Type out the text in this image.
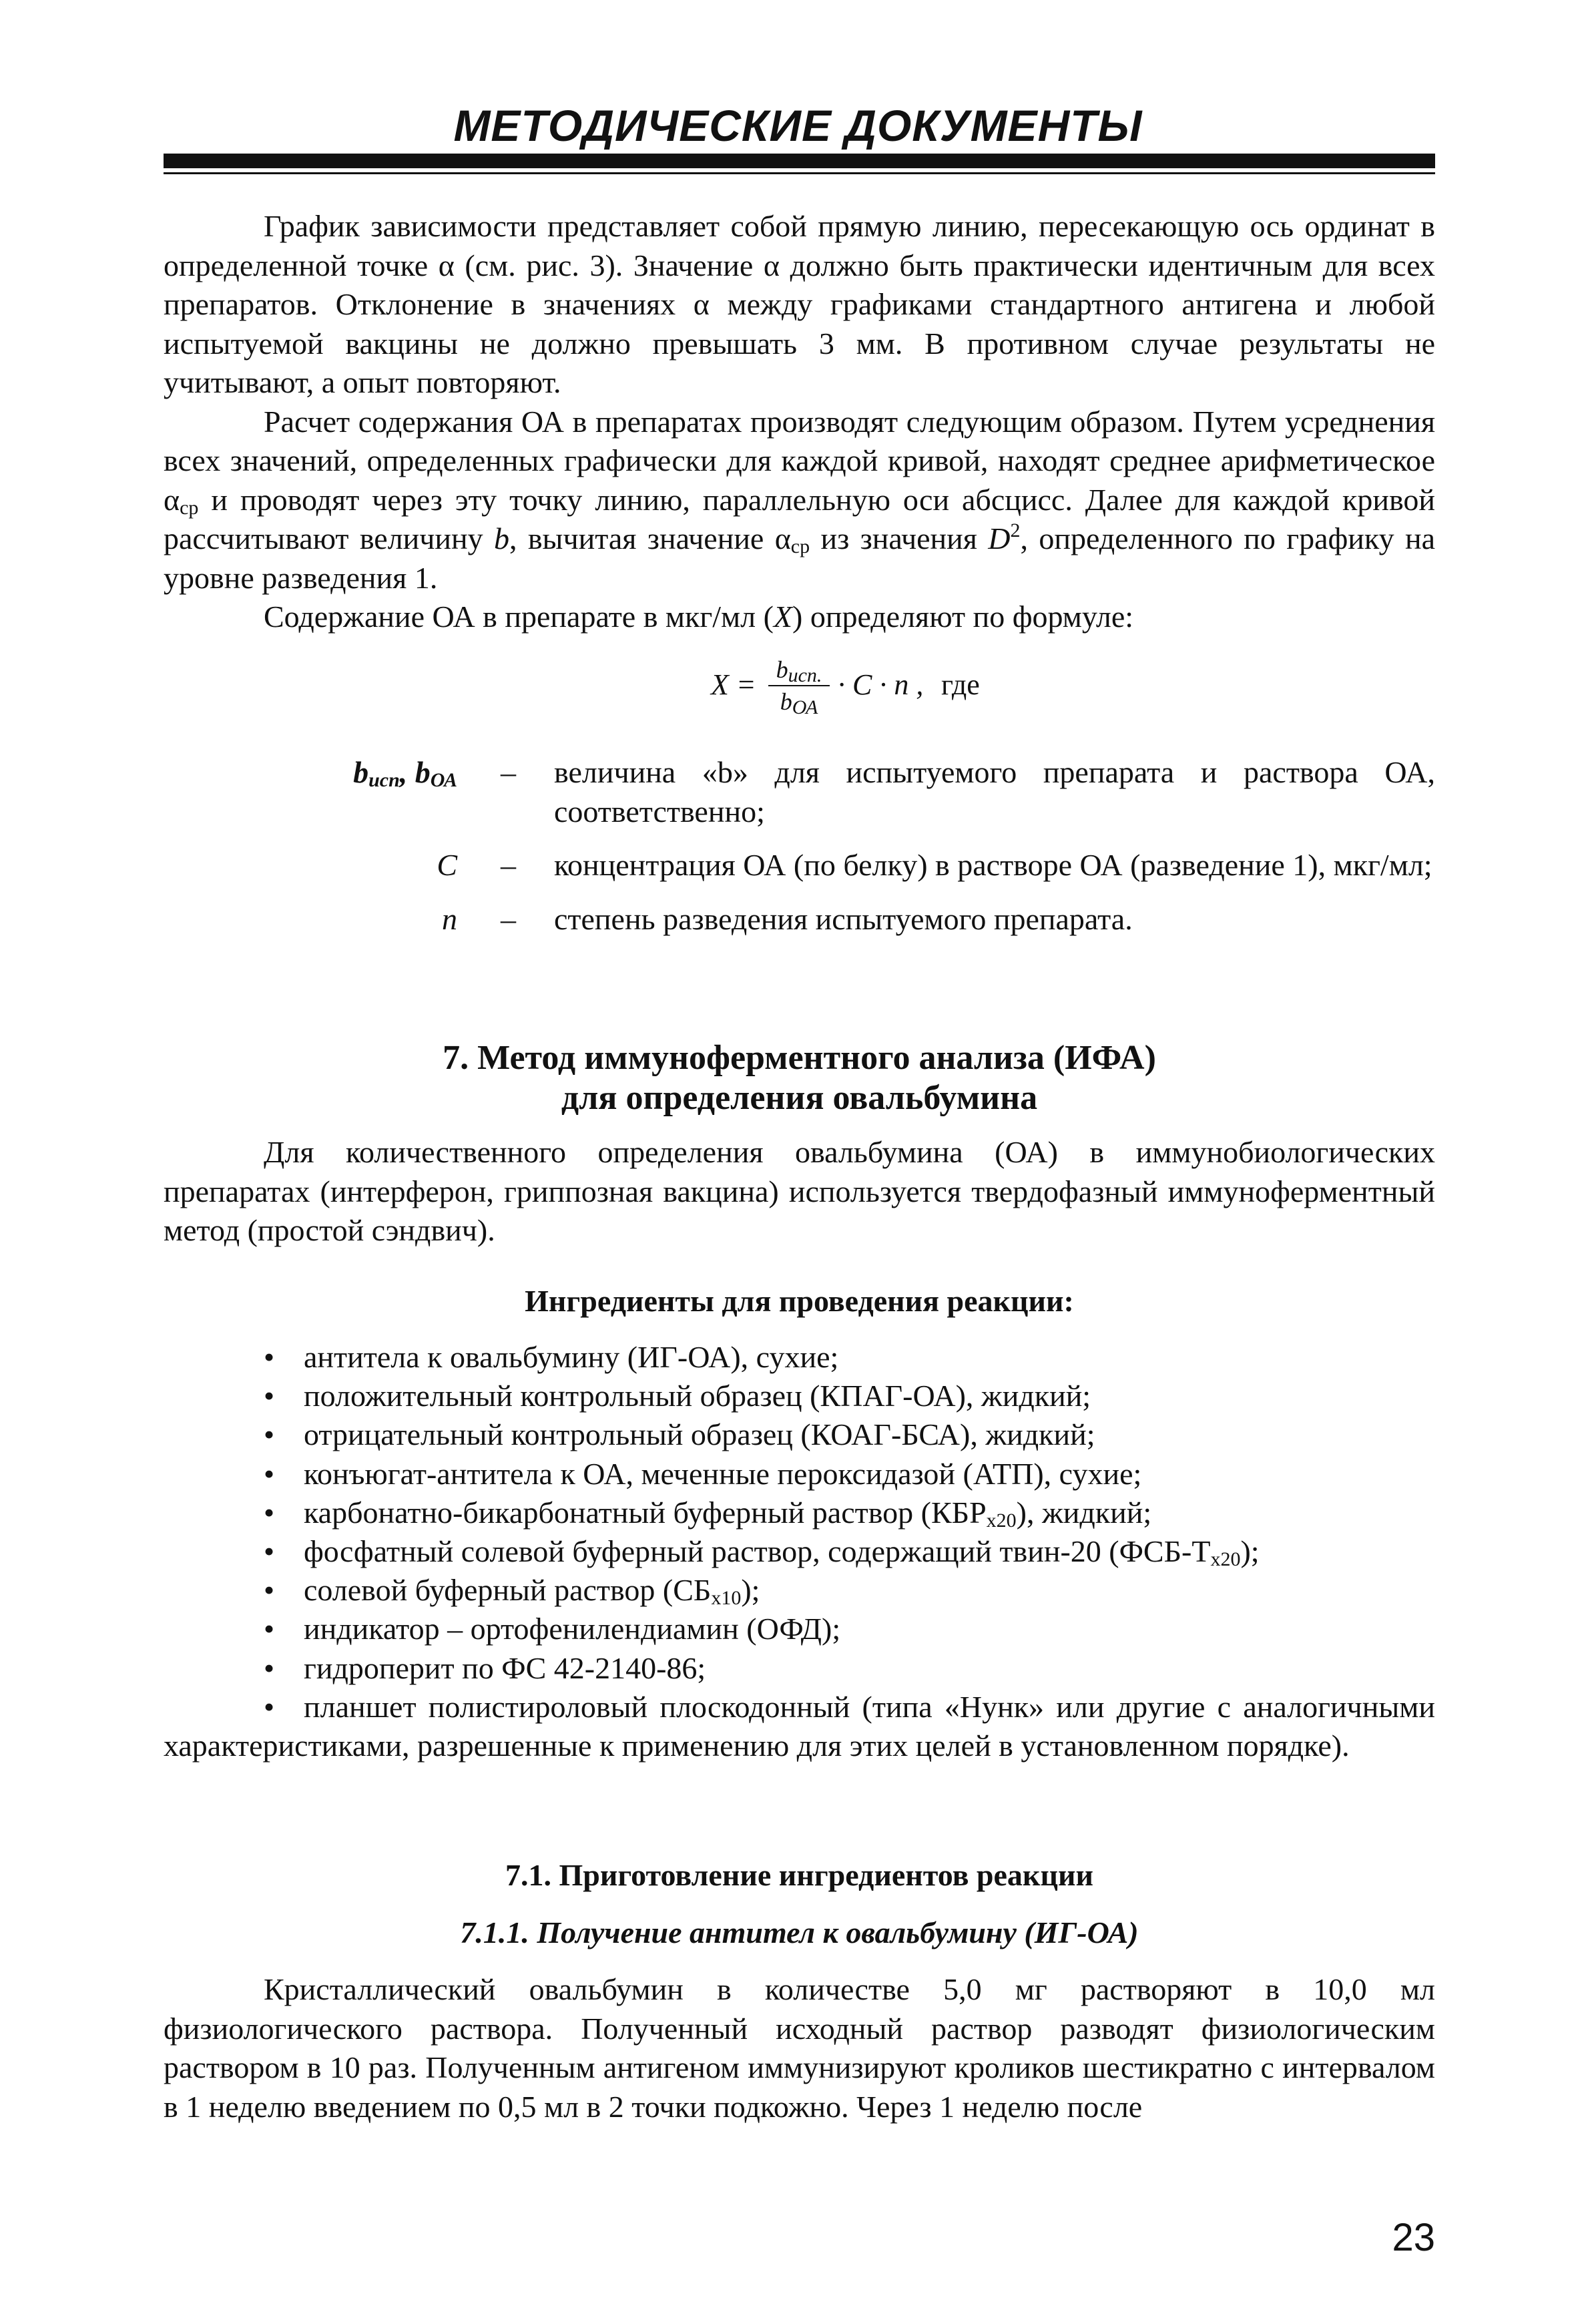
МЕТОДИЧЕСКИЕ ДОКУМЕНТЫ

График зависимости представляет собой прямую линию, пересекающую ось ординат в определенной точке α (см. рис. 3). Значение α должно быть практически идентичным для всех препаратов. Отклонение в значениях α между графиками стандартного антигена и любой испытуемой вакцины не должно превышать 3 мм. В противном случае результаты не учитывают, а опыт повторяют.

Расчет содержания ОА в препаратах производят следующим образом. Путем усреднения всех значений, определенных графически для каждой кривой, находят среднее арифметическое $\alpha_{ср}$ и проводят через эту точку линию, параллельную оси абсцисс. Далее для каждой кривой рассчитывают величину b, вычитая значение $\alpha_{ср}$ из значения $D^2$, определенного по графику на уровне разведения 1.

Содержание ОА в препарате в мкг/мл (X) определяют по формуле:

$X = b_{исп.}$
$b_{ОА}$
· C · n , где
$b_{исп}$, $b_{ОА}$ – величина «b» для испытуемого препарата и раствора ОА, соответственно;
C – концентрация ОА (по белку) в растворе ОА (разведение 1), мкг/мл;
n – степень разведения испытуемого препарата.
7. Метод иммуноферментного анализа (ИФА)
для определения овальбумина

Для количественного определения овальбумина (ОА) в иммунобиологических препаратах (интерферон, гриппозная вакцина) используется твердофазный иммуноферментный метод (простой сэндвич).

Ингредиенты для проведения реакции:
• антитела к овальбумину (ИГ-ОА), сухие;
• положительный контрольный образец (КПАГ-ОА), жидкий;
• отрицательный контрольный образец (КОАГ-БСА), жидкий;
• конъюгат-антитела к ОА, меченные пероксидазой (АТП), сухие;
• карбонатно-бикарбонатный буферный раствор $(КБР_{х20})$, жидкий;
• фосфатный солевой буферный раствор, содержащий твин-20 $(ФСБ-Т_{х20})$;
• солевой буферный раствор $(СБ_{х10})$;
• индикатор – ортофенилендиамин (ОФД);
• гидроперит по ФС 42-2140-86;
• планшет полистироловый плоскодонный (типа «Нунк» или другие с аналогичными характеристиками, разрешенные к применению для этих целей в установленном порядке).
7.1. Приготовление ингредиентов реакции
7.1.1. Получение антител к овальбумину (ИГ-ОА)

Кристаллический овальбумин в количестве 5,0 мг растворяют в 10,0 мл физиологического раствора. Полученный исходный раствор разводят физиологическим раствором в 10 раз. Полученным антигеном иммунизируют кроликов шестикратно с интервалом в 1 неделю введением по 0,5 мл в 2 точки подкожно. Через 1 неделю после

23
